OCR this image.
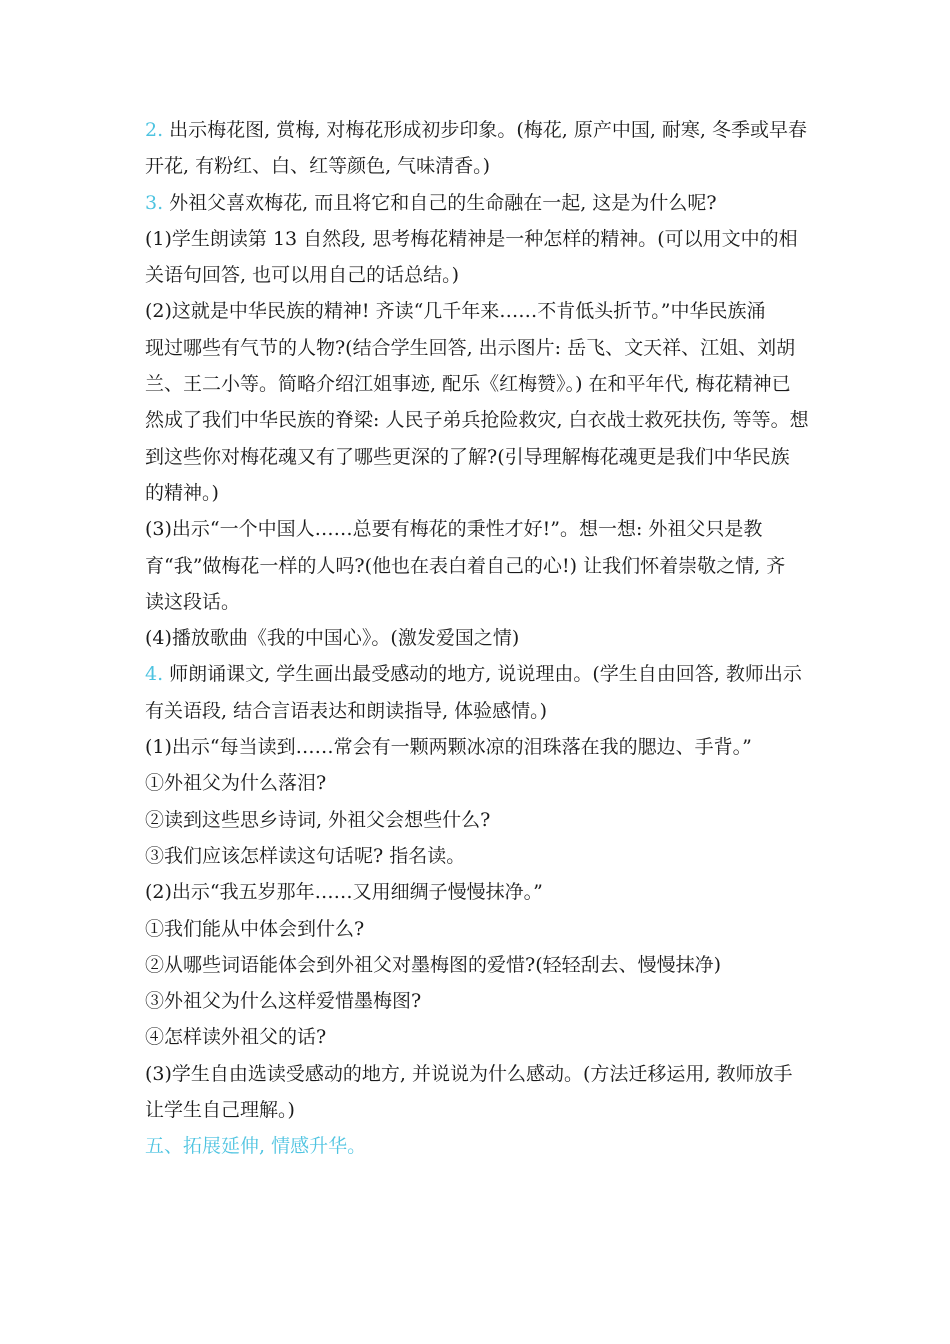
2. 出示梅花图, 赏梅, 对梅花形成初步印象。(梅花, 原产中国, 耐寒, 冬季或早春
开花, 有粉红、白、红等颜色, 气味清香。)
3. 外祖父喜欢梅花, 而且将它和自己的生命融在一起, 这是为什么呢?
(1)学生朗读第 13 自然段, 思考梅花精神是一种怎样的精神。(可以用文中的相
关语句回答, 也可以用自己的话总结。)
(2)这就是中华民族的精神! 齐读“几千年来……不肯低头折节。”中华民族涌
现过哪些有气节的人物?(结合学生回答, 出示图片: 岳飞、文天祥、江姐、刘胡
兰、王二小等。简略介绍江姐事迹, 配乐《红梅赞》。) 在和平年代, 梅花精神已
然成了我们中华民族的脊梁: 人民子弟兵抢险救灾, 白衣战士救死扶伤, 等等。想
到这些你对梅花魂又有了哪些更深的了解?(引导理解梅花魂更是我们中华民族
的精神。)
(3)出示“一个中国人……总要有梅花的秉性才好!”。想一想: 外祖父只是教
育“我”做梅花一样的人吗?(他也在表白着自己的心!) 让我们怀着崇敬之情, 齐
读这段话。
(4)播放歌曲《我的中国心》。(激发爱国之情)
4. 师朗诵课文, 学生画出最受感动的地方, 说说理由。(学生自由回答, 教师出示
有关语段, 结合言语表达和朗读指导, 体验感情。)
(1)出示“每当读到……常会有一颗两颗冰凉的泪珠落在我的腮边、手背。”
①外祖父为什么落泪?
②读到这些思乡诗词, 外祖父会想些什么?
③我们应该怎样读这句话呢? 指名读。
(2)出示“我五岁那年……又用细绸子慢慢抹净。”
①我们能从中体会到什么?
②从哪些词语能体会到外祖父对墨梅图的爱惜?(轻轻刮去、慢慢抹净)
③外祖父为什么这样爱惜墨梅图?
④怎样读外祖父的话?
(3)学生自由选读受感动的地方, 并说说为什么感动。(方法迁移运用, 教师放手
让学生自己理解。)
五、拓展延伸, 情感升华。
